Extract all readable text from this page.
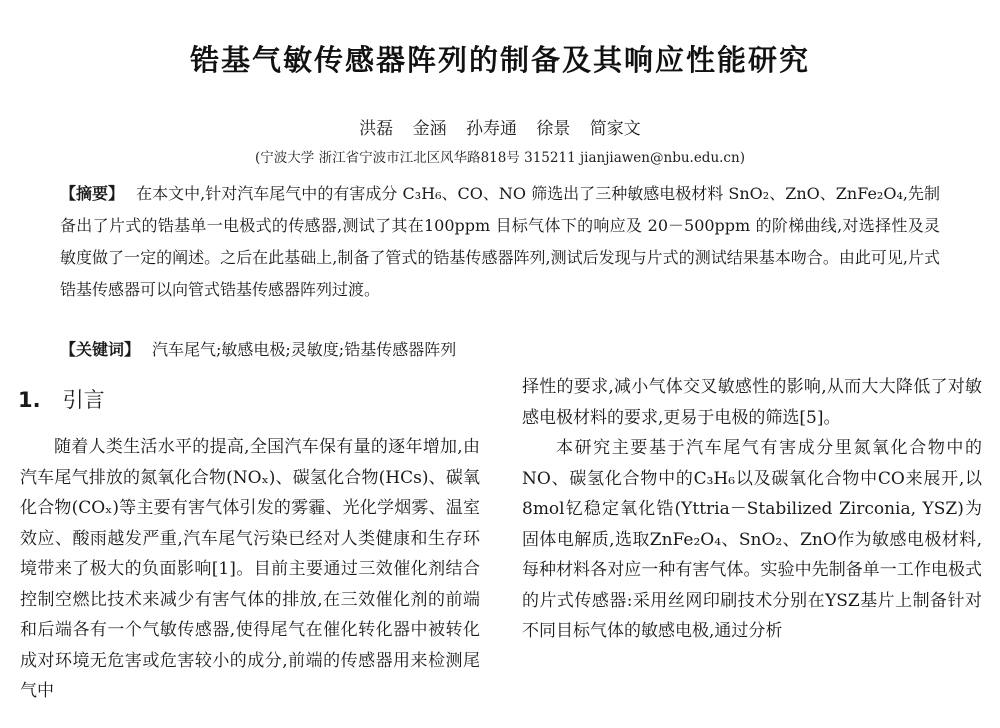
锆基气敏传感器阵列的制备及其响应性能研究
洪磊 金涵 孙寿通 徐景 简家文
(宁波大学 浙江省宁波市江北区风华路818号 315211 jianjiawen@nbu.edu.cn)
【摘要】 在本文中,针对汽车尾气中的有害成分 C₃H₆、CO、NO 筛选出了三种敏感电极材料 SnO₂、ZnO、ZnFe₂O₄,先制备出了片式的锆基单一电极式的传感器,测试了其在100ppm 目标气体下的响应及 20－500ppm 的阶梯曲线,对选择性及灵敏度做了一定的阐述。之后在此基础上,制备了管式的锆基传感器阵列,测试后发现与片式的测试结果基本吻合。由此可见,片式锆基传感器可以向管式锆基传感器阵列过渡。
【关键词】 汽车尾气;敏感电极;灵敏度;锆基传感器阵列
1. 引言

随着人类生活水平的提高,全国汽车保有量的逐年增加,由汽车尾气排放的氮氧化合物(NOₓ)、碳氢化合物(HCs)、碳氧化合物(COₓ)等主要有害气体引发的雾霾、光化学烟雾、温室效应、酸雨越发严重,汽车尾气污染已经对人类健康和生存环境带来了极大的负面影响[1]。目前主要通过三效催化剂结合控制空燃比技术来减少有害气体的排放,在三效催化剂的前端和后端各有一个气敏传感器,使得尾气在催化转化器中被转化成对环境无危害或危害较小的成分,前端的传感器用来检测尾气中

择性的要求,减小气体交叉敏感性的影响,从而大大降低了对敏感电极材料的要求,更易于电极的筛选[5]。

本研究主要基于汽车尾气有害成分里氮氧化合物中的NO、碳氢化合物中的C₃H₆以及碳氧化合物中CO来展开,以8mol钇稳定氧化锆(Yttria－Stabilized Zirconia, YSZ)为固体电解质,选取ZnFe₂O₄、SnO₂、ZnO作为敏感电极材料,每种材料各对应一种有害气体。实验中先制备单一工作电极式的片式传感器:采用丝网印刷技术分别在YSZ基片上制备针对不同目标气体的敏感电极,通过分析
